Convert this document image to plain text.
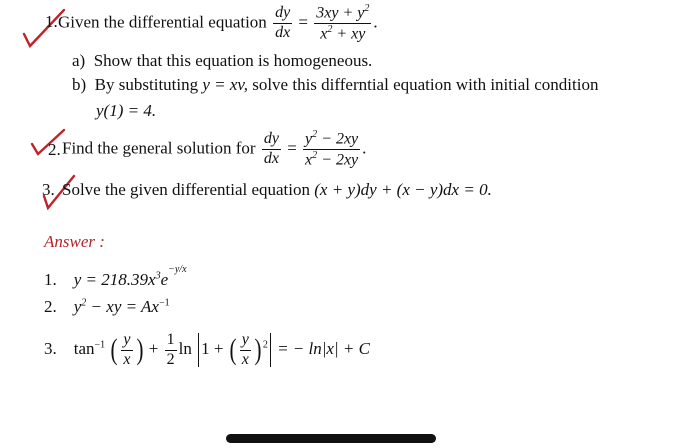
1. Given the differential equation $\frac{dy}{dx} = \frac{3xy + y^2}{x^2 + xy}$ .
a) Show that this equation is homogeneous.
b) By substituting y = xv, solve this differntial equation with initial condition
y(1) = 4.
2. Find the general solution for $\frac{dy}{dx} = \frac{y^2 - 2xy}{x^2 - 2xy}$ .
3. Solve the given differential equation (x + y)dy + (x − y)dx = 0.
Answer :
1. $y = 218.39x^3e^{-y/x}$
2. $y^2$ − xy = $Ax^{-1}$
3. $\tan^{-1}$ ( $\frac{y}{x}$ ) + $\frac{1}{2}$ ln 1 + ( $\frac{y}{x}$ ) $^2$ = − ln|x| + C
